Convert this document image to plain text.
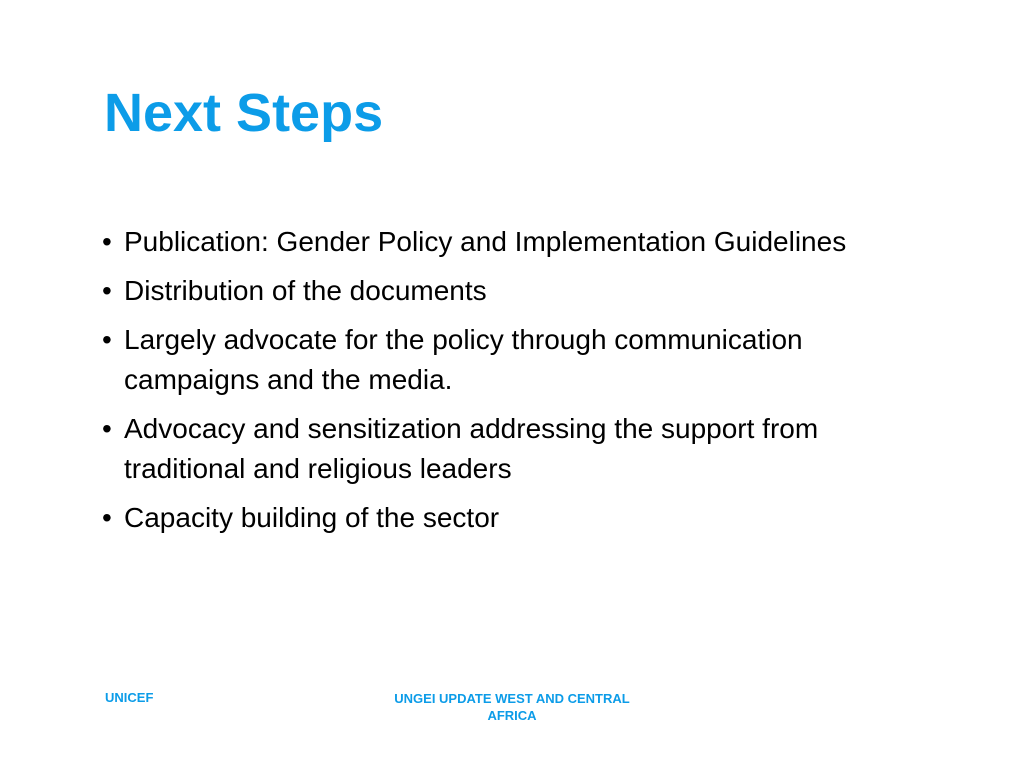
Next Steps
• Publication: Gender Policy and Implementation Guidelines
• Distribution of the documents
• Largely advocate for the policy through communication campaigns and the media.
• Advocacy and sensitization addressing the support from traditional and religious leaders
• Capacity building of the sector
UNICEF	UNGEI UPDATE WEST AND CENTRAL AFRICA
